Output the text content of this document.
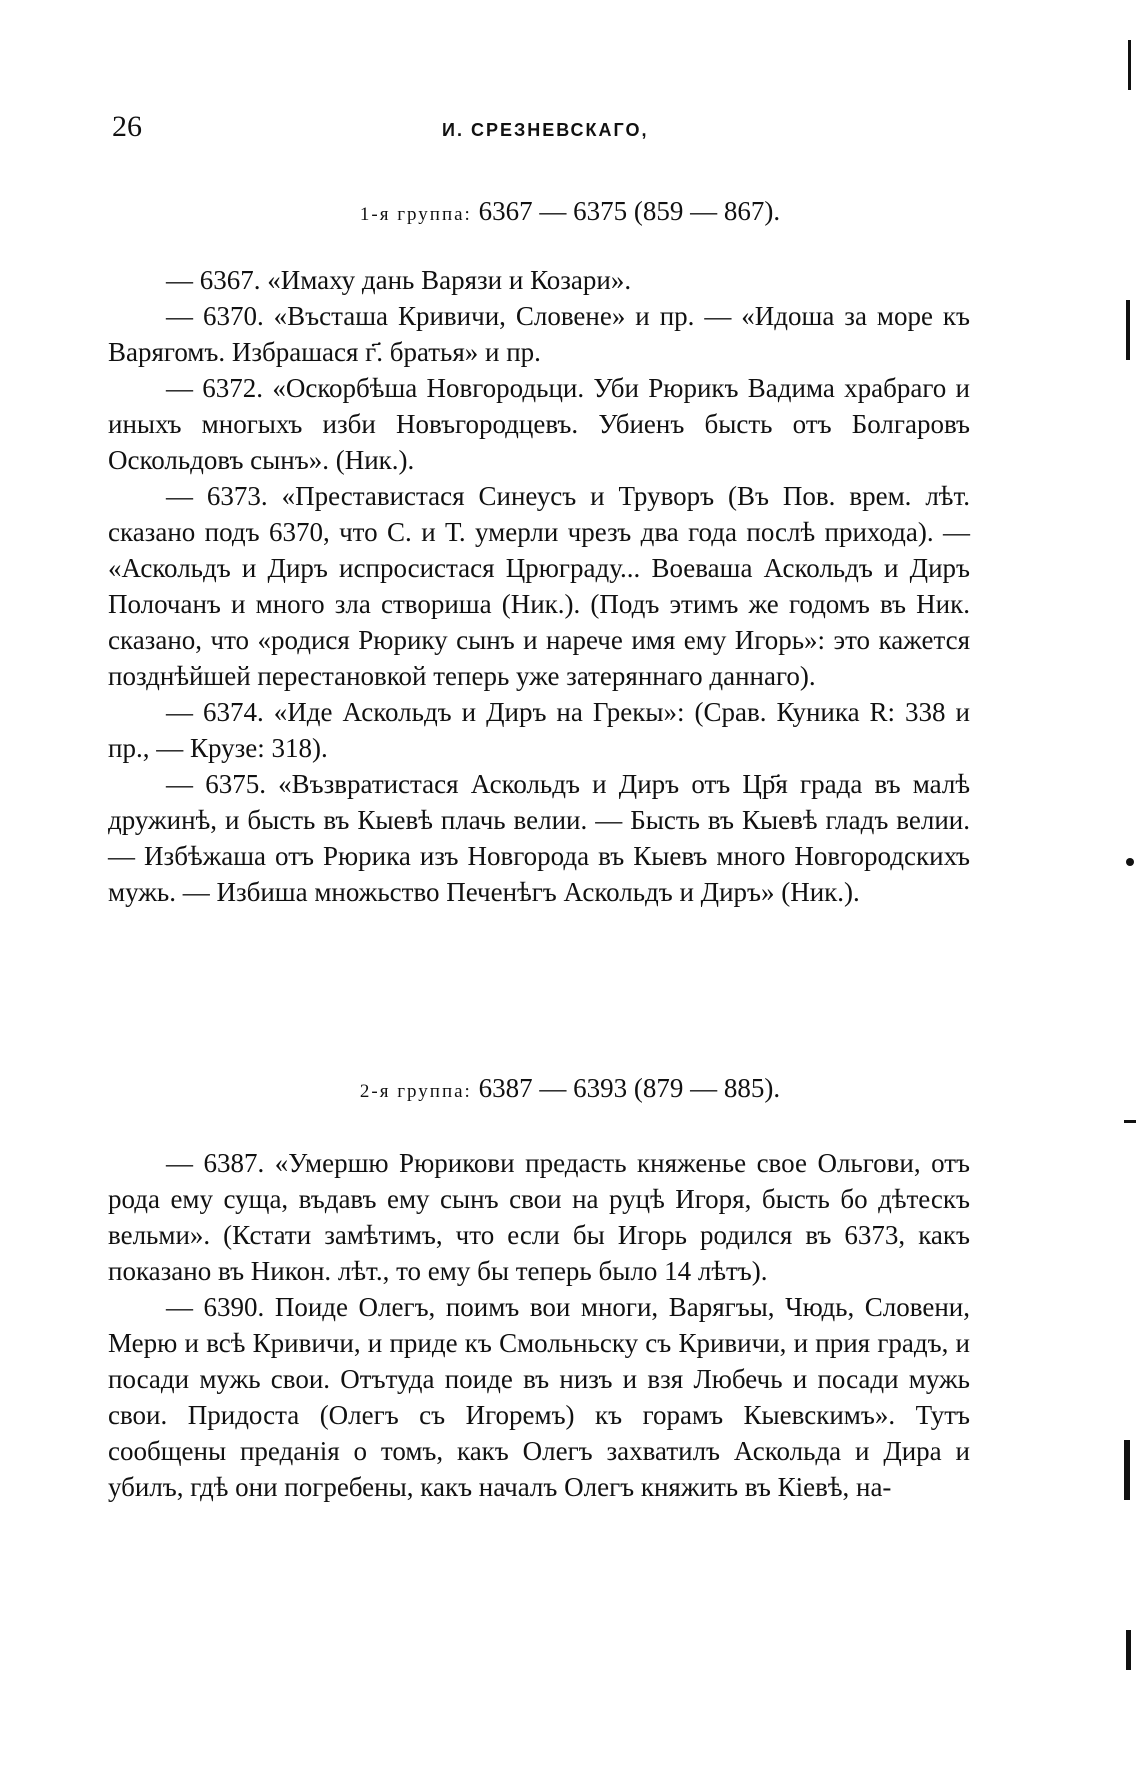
26	И. СРЕЗНЕВСКАГО,
1-я группа: 6367 — 6375 (859 — 867).

— 6367. «Имаху дань Варязи и Козари».

— 6370. «Въсташа Кривичи, Словене» и пр. — «Идоша за море къ Варягомъ. Избрашася г҃. братья» и пр.

— 6372. «Оскорбѣша Новгородьци. Уби Рюрикъ Вадима храбраго и иныхъ многыхъ изби Новъгородцевъ. Убиенъ бысть отъ Болгаровъ Оскольдовъ сынъ». (Ник.).

— 6373. «Преставистася Синеусъ и Труворъ (Въ Пов. врем. лѣт. сказано подъ 6370, что С. и Т. умерли чрезъ два года послѣ прихода). — «Аскольдъ и Диръ испросистася Црюграду... Воеваша Аскольдъ и Диръ Полочанъ и много зла створиша (Ник.). (Подъ этимъ же годомъ въ Ник. сказано, что «родися Рюрику сынъ и нарече имя ему Игорь»: это кажется позднѣйшей перестановкой теперь уже затеряннаго даннаго).

— 6374. «Иде Аскольдъ и Диръ на Грекы»: (Срав. Куника R: 338 и пр., — Крузе: 318).

— 6375. «Възвратистася Аскольдъ и Диръ отъ Цр҃я града въ малѣ дружинѣ, и бысть въ Кыевѣ плачь велии. — Бысть въ Кыевѣ гладъ велии. — Избѣжаша отъ Рюрика изъ Новгорода въ Кыевъ много Новгородскихъ мужь. — Избиша множьство Печенѣгъ Аскольдъ и Диръ» (Ник.).

2-я группа: 6387 — 6393 (879 — 885).

— 6387. «Умершю Рюрикови предасть княженье свое Ольгови, отъ рода ему суща, въдавъ ему сынъ свои на руцѣ Игоря, бысть бо дѣтескъ вельми». (Кстати замѣтимъ, что если бы Игорь родился въ 6373, какъ показано въ Никон. лѣт., то ему бы теперь было 14 лѣтъ).

— 6390. Поиде Олегъ, поимъ вои многи, Варягъы, Чюдь, Словени, Мерю и всѣ Кривичи, и приде къ Смольньску съ Кривичи, и прия градъ, и посади мужь свои. Отътуда поиде въ низъ и взя Любечь и посади мужь свои. Придоста (Олегъ съ Игоремъ) къ горамъ Кыевскимъ». Тутъ сообщены преданія о томъ, какъ Олегъ захватилъ Аскольда и Дира и убилъ, гдѣ они погребены, какъ началъ Олегъ княжить въ Кіевѣ, на-
